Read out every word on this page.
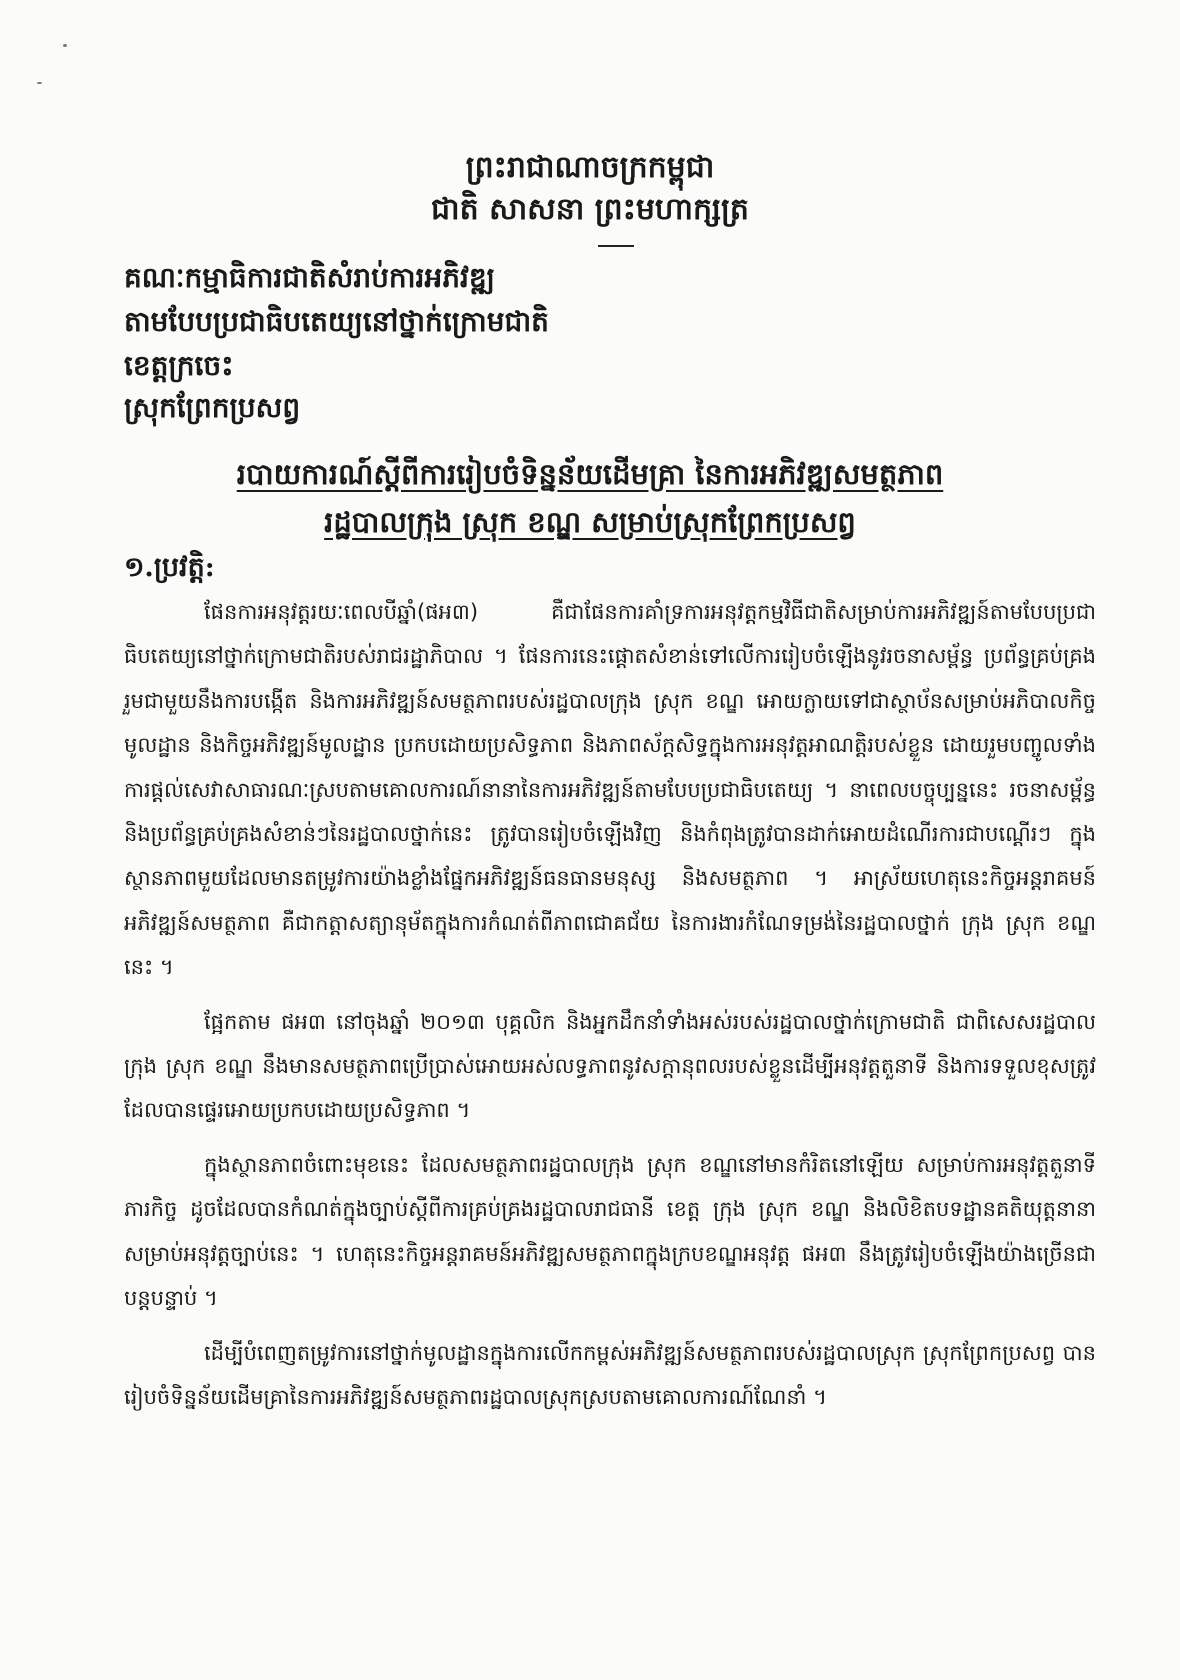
ព្រះរាជាណាចក្រកម្ពុជា
ជាតិ សាសនា ព្រះមហាក្សត្រ
គណៈកម្មាធិការជាតិសំរាប់ការអភិវឌ្ឍ
តាមបែបប្រជាធិបតេយ្យនៅថ្នាក់ក្រោមជាតិ
ខេត្តក្រចេះ
ស្រុកព្រែកប្រសព្វ
របាយការណ៍ស្តីពីការរៀបចំទិន្នន័យដើមគ្រា នៃការអភិវឌ្ឍសមត្ថភាព
រដ្ឋបាលក្រុង ស្រុក ខណ្ឌ សម្រាប់ស្រុកព្រែកប្រសព្វ
១.ប្រវត្តិ:

ផែនការអនុវត្តរយៈពេលបីឆ្នាំ(ផអ៣) គឺជាផែនការគាំទ្រការអនុវត្តកម្មវិធីជាតិសម្រាប់ការអភិវឌ្ឍន៍តាមបែបប្រជាធិបតេយ្យនៅថ្នាក់ក្រោមជាតិរបស់រាជរដ្ឋាភិបាល ។ ផែនការនេះផ្តោតសំខាន់ទៅលើការរៀបចំឡើងនូវរចនាសម្ព័ន្ធ ប្រព័ន្ធគ្រប់គ្រង រួមជាមួយនឹងការបង្កើត និងការអភិវឌ្ឍន៍សមត្ថភាពរបស់រដ្ឋបាលក្រុង ស្រុក ខណ្ឌ អោយក្លាយទៅជាស្ថាប័នសម្រាប់អភិបាលកិច្ចមូលដ្ឋាន និងកិច្ចអភិវឌ្ឍន៍មូលដ្ឋាន ប្រកបដោយប្រសិទ្ធភាព និងភាពស័ក្តសិទ្ធក្នុងការអនុវត្តអាណត្តិរបស់ខ្លួន ដោយរួមបញ្ចូលទាំងការផ្តល់សេវាសាធារណៈស្របតាមគោលការណ៍នានានៃការអភិវឌ្ឍន៍តាមបែបប្រជាធិបតេយ្យ ។ នាពេលបច្ចុប្បន្ននេះ រចនាសម្ព័ន្ធនិងប្រព័ន្ធគ្រប់គ្រងសំខាន់ៗនៃរដ្ឋបាលថ្នាក់នេះ ត្រូវបានរៀបចំឡើងវិញ និងកំពុងត្រូវបានដាក់អោយដំណើរការជាបណ្តើរៗ ក្នុងស្ថានភាពមួយដែលមានតម្រូវការយ៉ាងខ្លាំងផ្នែកអភិវឌ្ឍន៍ធនធានមនុស្ស និងសមត្ថភាព ។ អាស្រ័យហេតុនេះកិច្ចអន្តរាគមន៍អភិវឌ្ឍន៍សមត្ថភាព គឺជាកត្តាសត្យានុម័តក្នុងការកំណត់ពីភាពជោគជ័យ នៃការងារកំណែទម្រង់នៃរដ្ឋបាលថ្នាក់ ក្រុង ស្រុក ខណ្ឌ នេះ ។

ផ្អែកតាម ផអ៣ នៅចុងឆ្នាំ ២០១៣ បុគ្គលិក និងអ្នកដឹកនាំទាំងអស់របស់រដ្ឋបាលថ្នាក់ក្រោមជាតិ ជាពិសេសរដ្ឋបាលក្រុង ស្រុក ខណ្ឌ នឹងមានសមត្ថភាពប្រើប្រាស់អោយអស់លទ្ធភាពនូវសក្តានុពលរបស់ខ្លួនដើម្បីអនុវត្តតួនាទី និងការទទួលខុសត្រូវដែលបានផ្ទេរអោយប្រកបដោយប្រសិទ្ធភាព ។

ក្នុងស្ថានភាពចំពោះមុខនេះ ដែលសមត្ថភាពរដ្ឋបាលក្រុង ស្រុក ខណ្ឌនៅមានកំរិតនៅឡើយ សម្រាប់ការអនុវត្តតួនាទី ភារកិច្ច ដូចដែលបានកំណត់ក្នុងច្បាប់ស្តីពីការគ្រប់គ្រងរដ្ឋបាលរាជធានី ខេត្ត ក្រុង ស្រុក ខណ្ឌ និងលិខិតបទដ្ឋានគតិយុត្តនានាសម្រាប់អនុវត្តច្បាប់នេះ ។ ហេតុនេះកិច្ចអន្តរាគមន៍អភិវឌ្ឍសមត្ថភាពក្នុងក្របខណ្ឌអនុវត្ត ផអ៣ នឹងត្រូវរៀបចំឡើងយ៉ាងច្រើនជាបន្តបន្ទាប់ ។

ដើម្បីបំពេញតម្រូវការនៅថ្នាក់មូលដ្ឋានក្នុងការលើកកម្ពស់អភិវឌ្ឍន៍សមត្ថភាពរបស់រដ្ឋបាលស្រុក ស្រុកព្រែកប្រសព្វ បានរៀបចំទិន្នន័យដើមគ្រានៃការអភិវឌ្ឍន៍សមត្ថភាពរដ្ឋបាលស្រុកស្របតាមគោលការណ៍ណែនាំ ។
